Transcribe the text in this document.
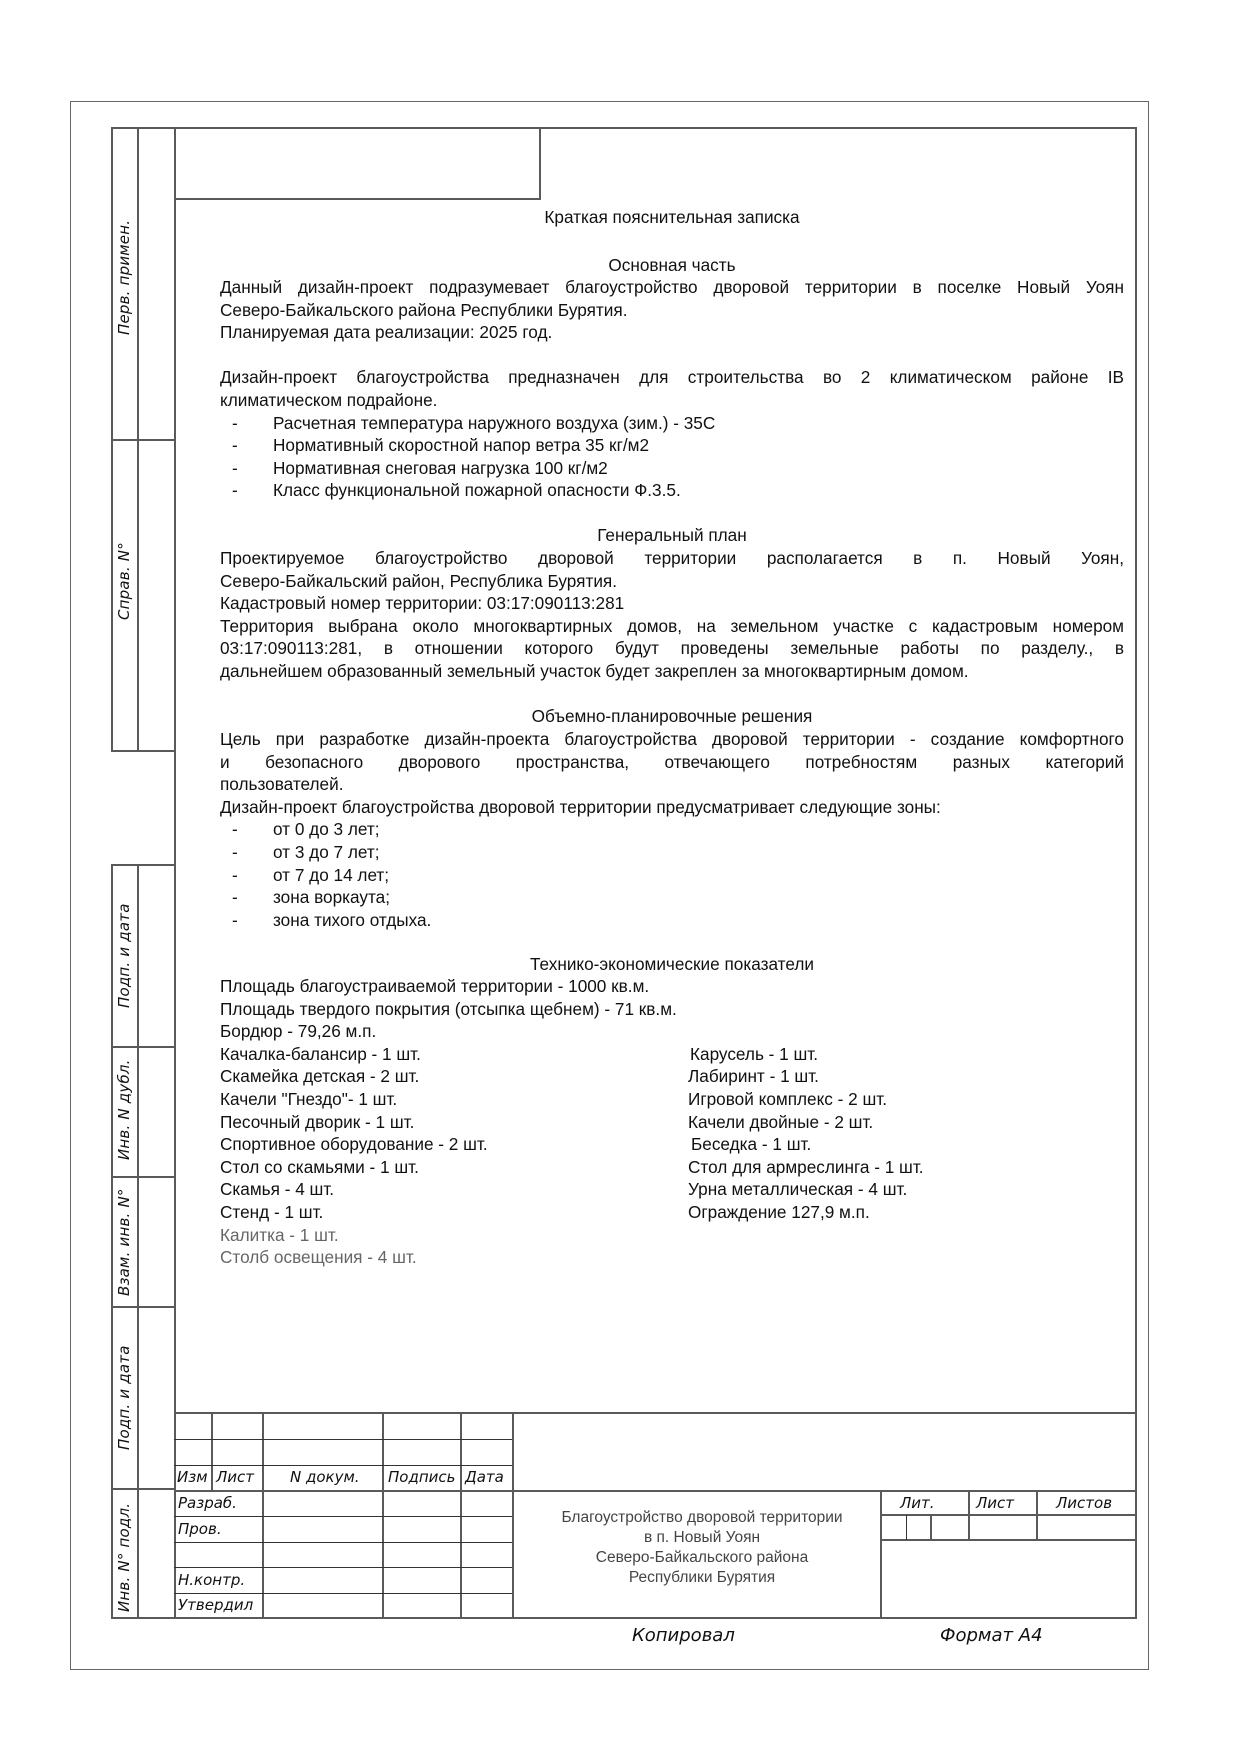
Перв. примен.
Справ. N°
Подп. и дата
Инв. N дубл.
Взам. инв. N°
Подп. и дата
Инв. N° подл.
Краткая пояснительная записка
Основная часть
Данный дизайн-проект подразумевает благоустройство дворовой территории в поселке Новый Уоян
Северо-Байкальского района Республики Бурятия.
Планируемая дата реализации: 2025 год.
Дизайн-проект благоустройства предназначен для строительства во 2 климатическом районе IB
климатическом подрайоне.
- Расчетная температура наружного воздуха (зим.) - 35С
- Нормативный скоростной напор ветра 35 кг/м2
- Нормативная снеговая нагрузка 100 кг/м2
- Класс функциональной пожарной опасности Ф.3.5.
Генеральный план
Проектируемое благоустройство дворовой территории располагается в п. Новый Уоян,
Северо-Байкальский район, Республика Бурятия.
Кадастровый номер территории: 03:17:090113:281
Территория выбрана около многоквартирных домов, на земельном участке с кадастровым номером
03:17:090113:281, в отношении которого будут проведены земельные работы по разделу., в
дальнейшем образованный земельный участок будет закреплен за многоквартирным домом.
Объемно-планировочные решения
Цель при разработке дизайн-проекта благоустройства дворовой территории - создание комфортного
и безопасного дворового пространства, отвечающего потребностям разных категорий
пользователей.
Дизайн-проект благоустройства дворовой территории предусматривает следующие зоны:
- от 0 до 3 лет;
- от 3 до 7 лет;
- от 7 до 14 лет;
- зона воркаута;
- зона тихого отдыха.
Технико-экономические показатели
Площадь благоустраиваемой территории - 1000 кв.м.
Площадь твердого покрытия (отсыпка щебнем) - 71 кв.м.
Бордюр - 79,26 м.п.
Качалка-балансир - 1 шт.	Карусель - 1 шт.
Скамейка детская - 2 шт.	Лабиринт - 1 шт.
Качели "Гнездо"- 1 шт.	Игровой комплекс - 2 шт.
Песочный дворик - 1 шт.	Качели двойные - 2 шт.
Спортивное оборудование - 2 шт.	Беседка - 1 шт.
Стол со скамьями - 1 шт.	Стол для армреслинга - 1 шт.
Скамья - 4 шт.	Урна металлическая - 4 шт.
Стенд - 1 шт.	Ограждение 127,9 м.п.
Калитка - 1 шт.
Столб освещения - 4 шт.
Изм Лист N докум. Подпись Дата
Разраб.
Пров.
Н.контр.
Утвердил
Благоустройство дворовой территории
в п. Новый Уоян
Северо-Байкальского района
Республики Бурятия
Лит.	Лист	Листов
Копировал	Формат А4
